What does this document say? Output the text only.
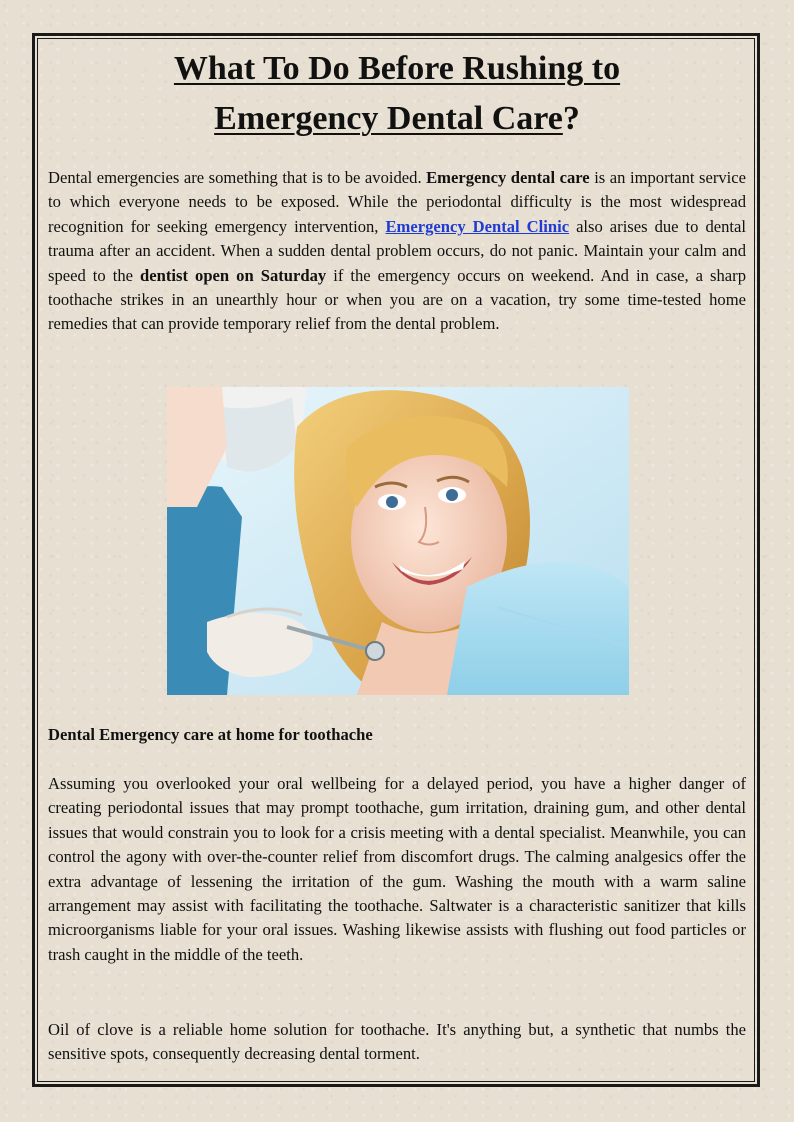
What To Do Before Rushing to
Emergency Dental Care?

Dental emergencies are something that is to be avoided. Emergency dental care is an important service to which everyone needs to be exposed. While the periodontal difficulty is the most widespread recognition for seeking emergency intervention, Emergency Dental Clinic also arises due to dental trauma after an accident. When a sudden dental problem occurs, do not panic. Maintain your calm and speed to the dentist open on Saturday if the emergency occurs on weekend. And in case, a sharp toothache strikes in an unearthly hour or when you are on a vacation, try some time-tested home remedies that can provide temporary relief from the dental problem.

Dental Emergency care at home for toothache

Assuming you overlooked your oral wellbeing for a delayed period, you have a higher danger of creating periodontal issues that may prompt toothache, gum irritation, draining gum, and other dental issues that would constrain you to look for a crisis meeting with a dental specialist. Meanwhile, you can control the agony with over-the-counter relief from discomfort drugs. The calming analgesics offer the extra advantage of lessening the irritation of the gum. Washing the mouth with a warm saline arrangement may assist with facilitating the toothache. Saltwater is a characteristic sanitizer that kills microorganisms liable for your oral issues. Washing likewise assists with flushing out food particles or trash caught in the middle of the teeth.

Oil of clove is a reliable home solution for toothache. It's anything but, a synthetic that numbs the sensitive spots, consequently decreasing dental torment.
